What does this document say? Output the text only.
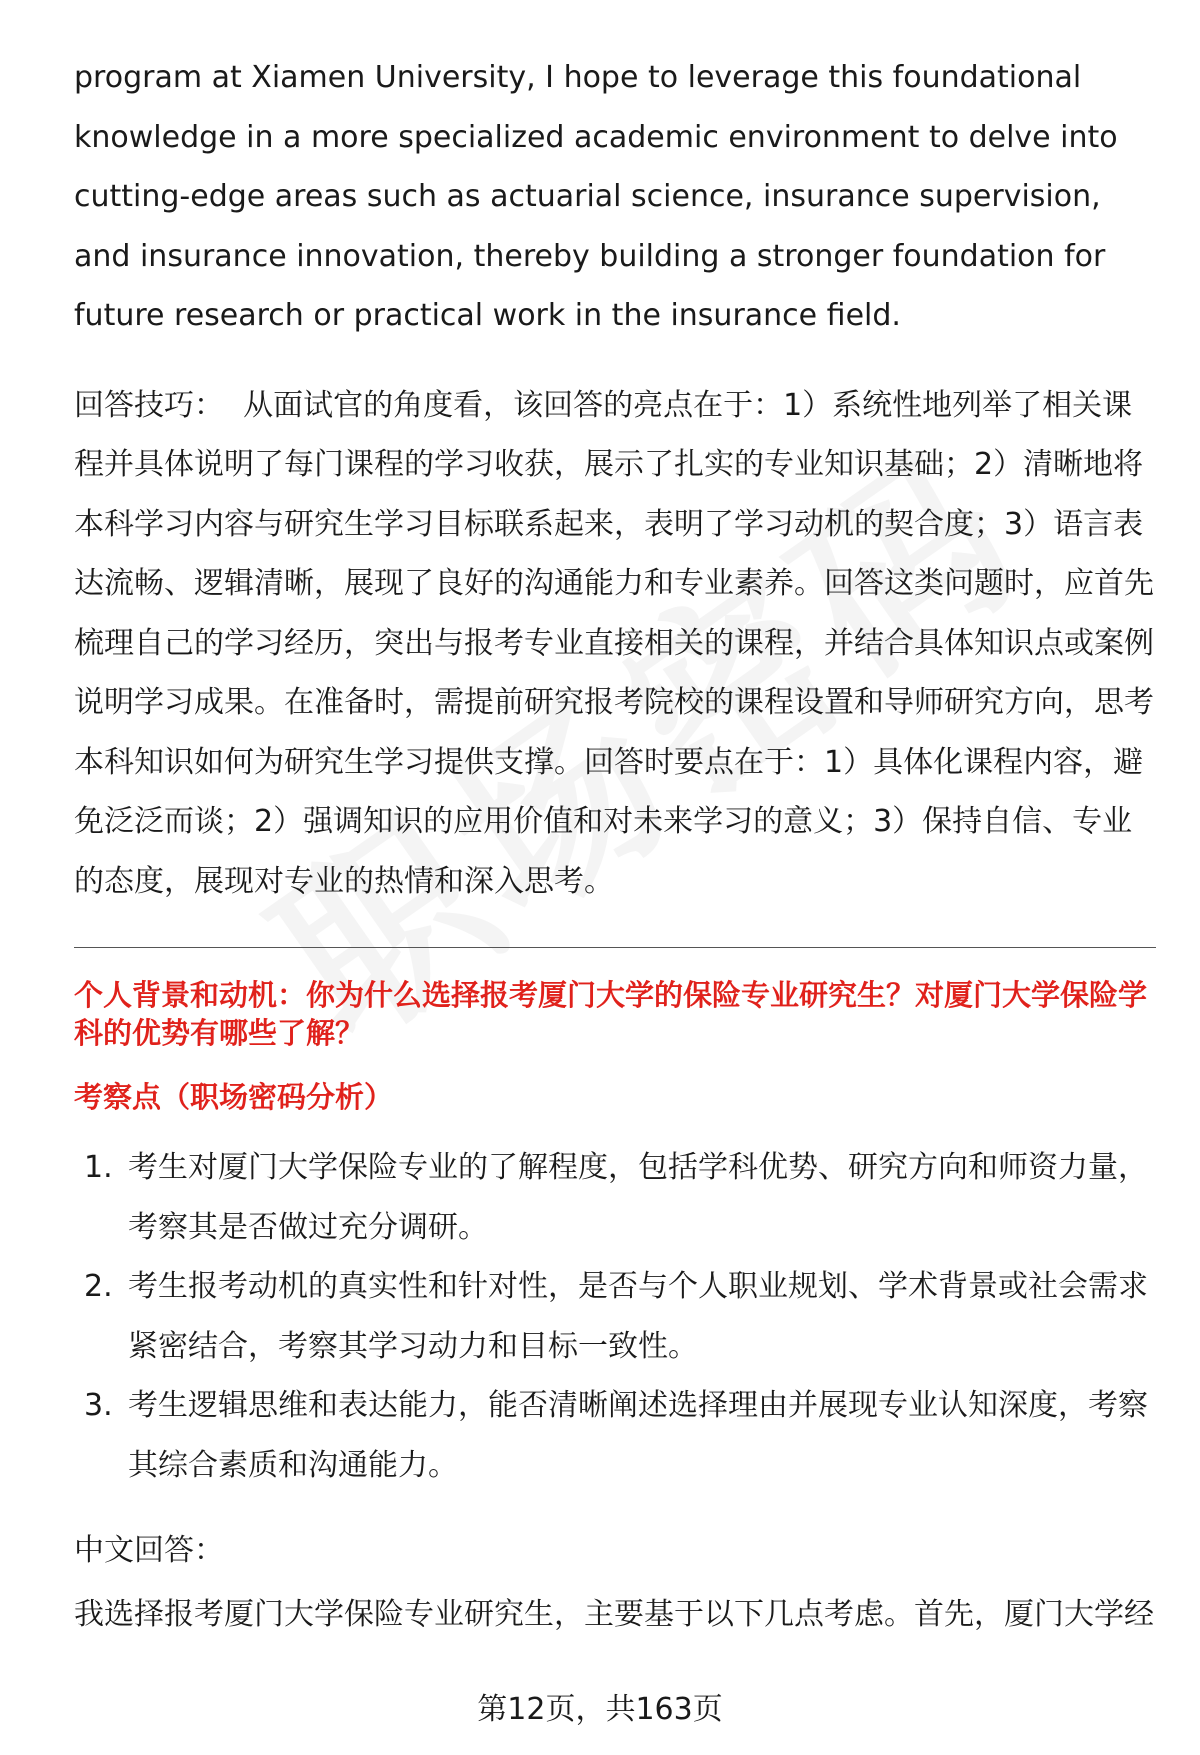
program at Xiamen University, I hope to leverage this foundational knowledge in a more specialized academic environment to delve into cutting-edge areas such as actuarial science, insurance supervision, and insurance innovation, thereby building a stronger foundation for future research or practical work in the insurance field.

回答技巧：  从面试官的角度看，该回答的亮点在于：1）系统性地列举了相关课程并具体说明了每门课程的学习收获，展示了扎实的专业知识基础；2）清晰地将本科学习内容与研究生学习目标联系起来，表明了学习动机的契合度；3）语言表达流畅、逻辑清晰，展现了良好的沟通能力和专业素养。回答这类问题时，应首先梳理自己的学习经历，突出与报考专业直接相关的课程，并结合具体知识点或案例说明学习成果。在准备时，需提前研究报考院校的课程设置和导师研究方向，思考本科知识如何为研究生学习提供支撑。回答时要点在于：1）具体化课程内容，避免泛泛而谈；2）强调知识的应用价值和对未来学习的意义；3）保持自信、专业的态度，展现对专业的热情和深入思考。

个人背景和动机：你为什么选择报考厦门大学的保险专业研究生？对厦门大学保险学科的优势有哪些了解？
考察点（职场密码分析）
1. 考生对厦门大学保险专业的了解程度，包括学科优势、研究方向和师资力量，考察其是否做过充分调研。
2. 考生报考动机的真实性和针对性，是否与个人职业规划、学术背景或社会需求紧密结合，考察其学习动力和目标一致性。
3. 考生逻辑思维和表达能力，能否清晰阐述选择理由并展现专业认知深度，考察其综合素质和沟通能力。
中文回答：
我选择报考厦门大学保险专业研究生，主要基于以下几点考虑。首先，厦门大学经
第12页，共163页
